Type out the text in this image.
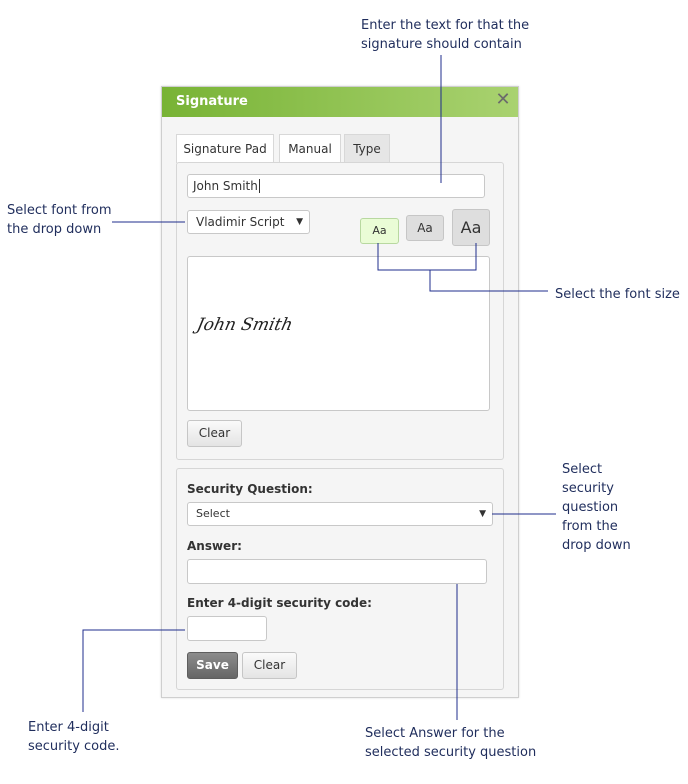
Enter the text for that the signature should contain
Select font from the drop down
Select the font size
Select security question from the drop down
Enter 4-digit security code.
Select Answer for the selected security question
Signature	✕
Signature Pad	Manual	Type
John Smith
Vladimir Script ▼
Aa	Aa	Aa
John Smith
Clear
Security Question:
Select	▼
Answer:
Enter 4-digit security code:
Save	Clear
